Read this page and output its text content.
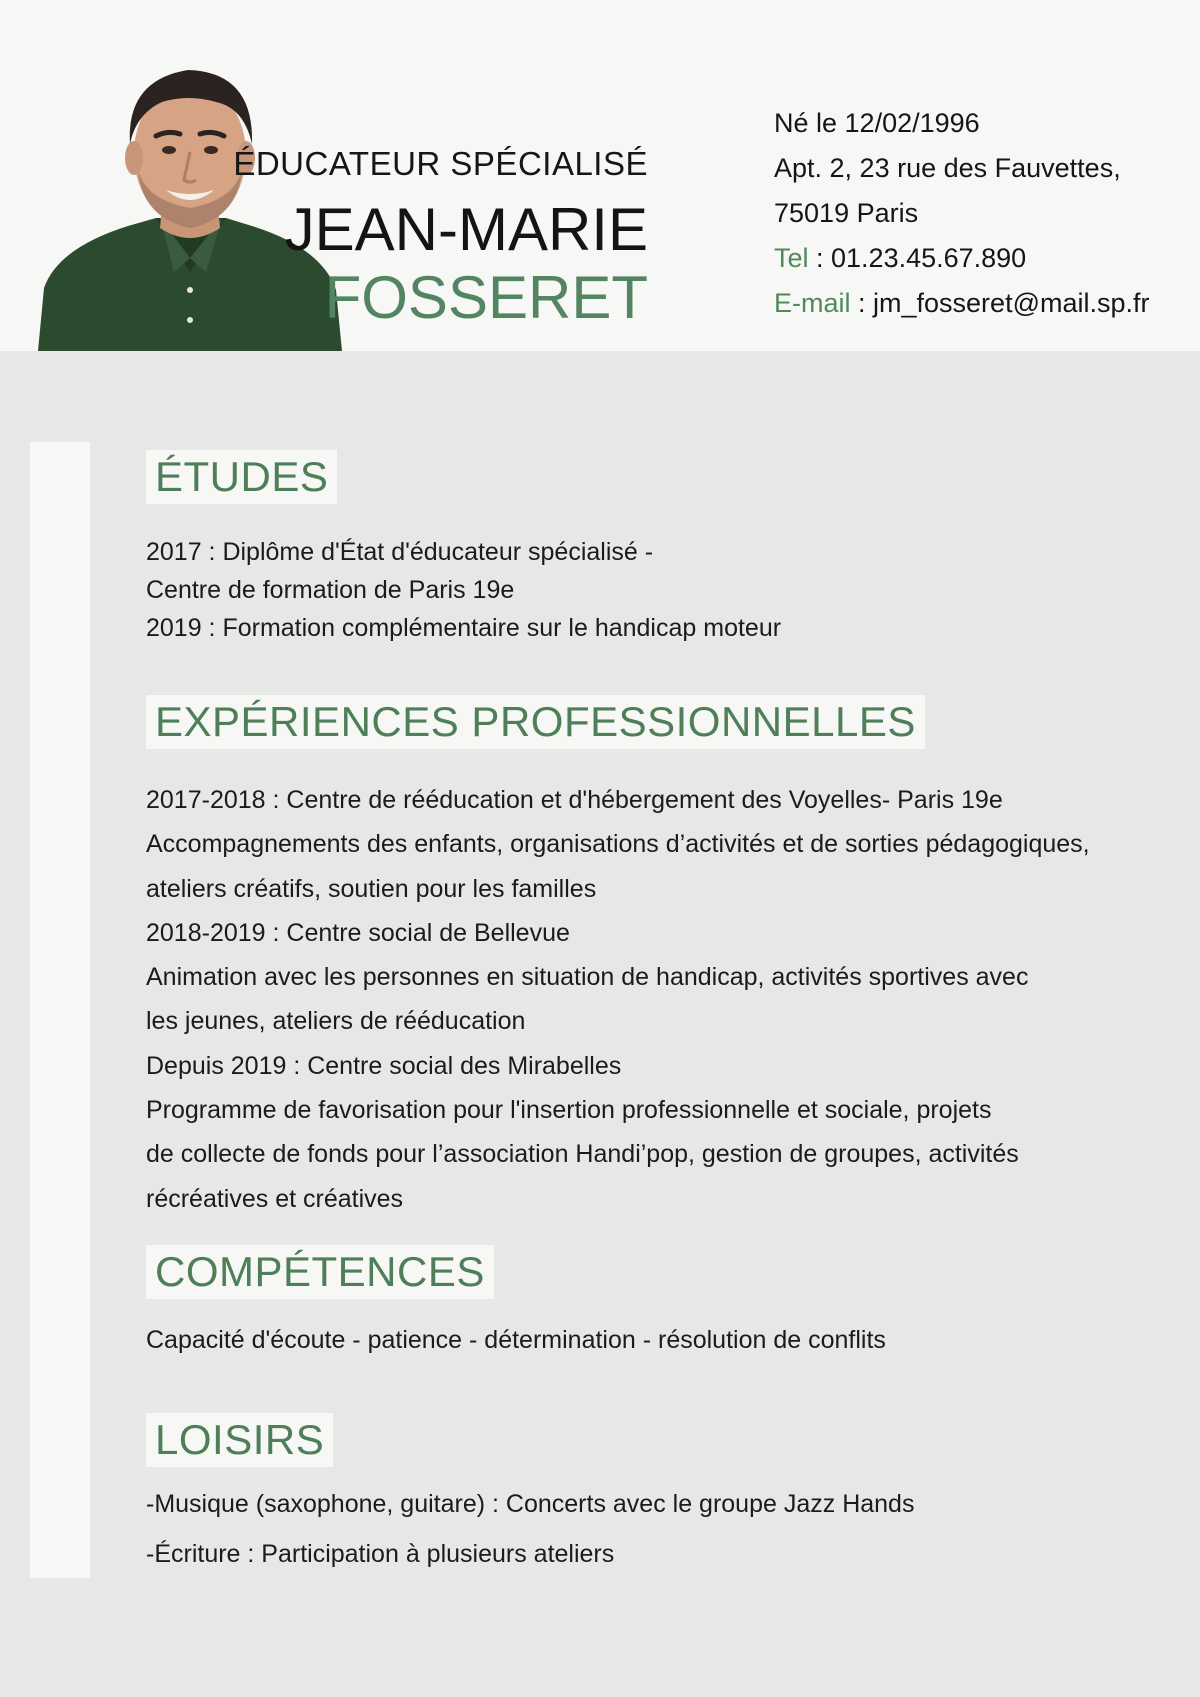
ÉDUCATEUR SPÉCIALISÉ
JEAN-MARIE
FOSSERET
Né le 12/02/1996
Apt. 2, 23 rue des Fauvettes,
75019 Paris
Tel : 01.23.45.67.890
E-mail : jm_fosseret@mail.sp.fr
ÉTUDES
2017 : Diplôme d'État d'éducateur spécialisé -
Centre de formation de Paris 19e
2019 : Formation complémentaire sur le handicap moteur
EXPÉRIENCES PROFESSIONNELLES
2017-2018 : Centre de rééducation et d'hébergement des Voyelles- Paris 19e
Accompagnements des enfants, organisations d’activités et de sorties pédagogiques,
ateliers créatifs, soutien pour les familles
2018-2019 : Centre social de Bellevue
Animation avec les personnes en situation de handicap, activités sportives avec
les jeunes, ateliers de rééducation
Depuis 2019 : Centre social des Mirabelles
Programme de favorisation pour l'insertion professionnelle et sociale, projets
de collecte de fonds pour l’association Handi’pop, gestion de groupes, activités
récréatives et créatives
COMPÉTENCES
Capacité d'écoute - patience - détermination - résolution de conflits
LOISIRS
-Musique (saxophone, guitare) : Concerts avec le groupe Jazz Hands
-Écriture : Participation à plusieurs ateliers
